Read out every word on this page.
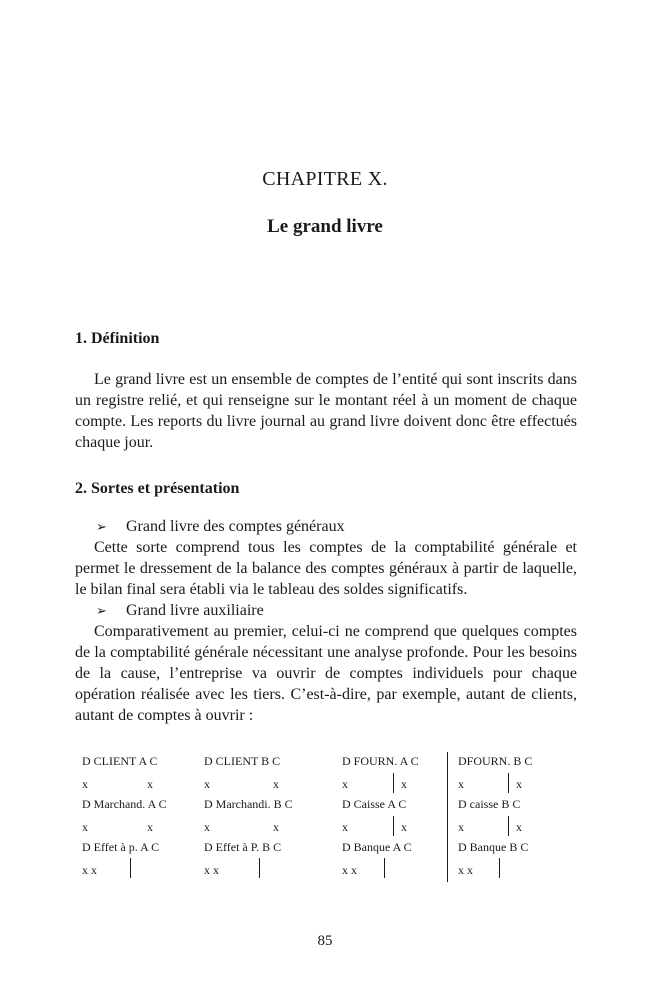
CHAPITRE X.
Le grand livre
1. Définition
Le grand livre est un ensemble de comptes de l’entité qui sont inscrits dans un registre relié, et qui renseigne sur le montant réel à un moment de chaque compte. Les reports du livre journal au grand livre doivent donc être effectués chaque jour.
2. Sortes et présentation
➢ Grand livre des comptes généraux
Cette sorte comprend tous les comptes de la comptabilité générale et permet le dressement de la balance des comptes généraux à partir de laquelle, le bilan final sera établi via le tableau des soldes significatifs.
➢ Grand livre auxiliaire
Comparativement au premier, celui-ci ne comprend que quelques comptes de la comptabilité générale nécessitant une analyse profonde. Pour les besoins de la cause, l’entreprise va ouvrir de comptes individuels pour chaque opération réalisée avec les tiers. C’est-à-dire, par exemple, autant de clients, autant de comptes à ouvrir :
D CLIENT A C	D CLIENT B C	D FOURN. A C	DFOURN. B C
x	x	x	x	x	x	x	x
D Marchand. A C	D Marchandi. B C	D Caisse A C	D caisse B C
x	x	x	x	x	x	x	x
D Effet à p. A C	D Effet à P. B C	D Banque A C	D Banque B C
x x	x x	x x	x x
85
